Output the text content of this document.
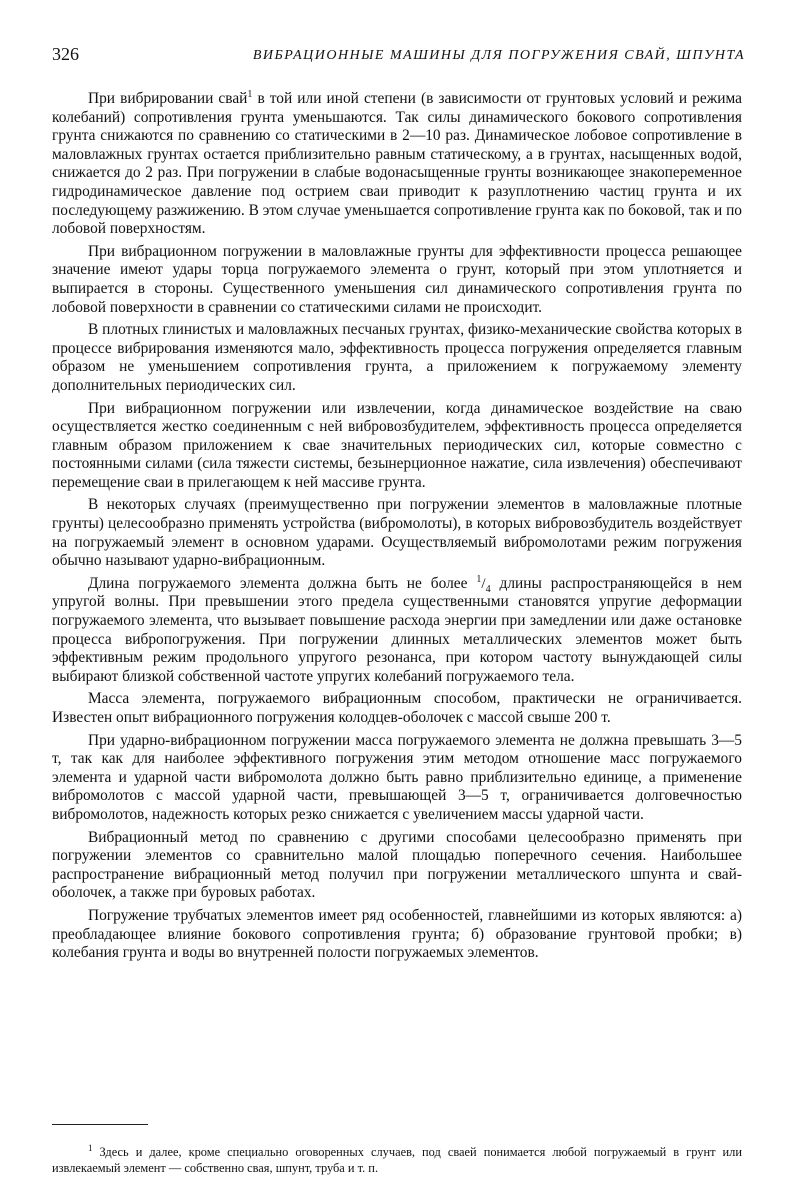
326	ВИБРАЦИОННЫЕ МАШИНЫ ДЛЯ ПОГРУЖЕНИЯ СВАЙ, ШПУНТА

При вибрировании свай$^1$ в той или иной степени (в зависимости от грунтовых условий и режима колебаний) сопротивления грунта уменьшаются. Так силы динамического бокового сопротивления грунта снижаются по сравнению со статическими в 2—10 раз. Динамическое лобовое сопротивление в маловлажных грунтах остается приблизительно равным статическому, а в грунтах, насыщенных водой, снижается до 2 раз. При погружении в слабые водонасыщенные грунты возникающее знакопеременное гидродинамическое давление под острием сваи приводит к разуплотнению частиц грунта и их последующему разжижению. В этом случае уменьшается сопротивление грунта как по боковой, так и по лобовой поверхностям.

При вибрационном погружении в маловлажные грунты для эффективности процесса решающее значение имеют удары торца погружаемого элемента о грунт, который при этом уплотняется и выпирается в стороны. Существенного уменьшения сил динамического сопротивления грунта по лобовой поверхности в сравнении со статическими силами не происходит.

В плотных глинистых и маловлажных песчаных грунтах, физико-механические свойства которых в процессе вибрирования изменяются мало, эффективность процесса погружения определяется главным образом не уменьшением сопротивления грунта, а приложением к погружаемому элементу дополнительных периодических сил.

При вибрационном погружении или извлечении, когда динамическое воздействие на сваю осуществляется жестко соединенным с ней вибровозбудителем, эффективность процесса определяется главным образом приложением к свае значительных периодических сил, которые совместно с постоянными силами (сила тяжести системы, безынерционное нажатие, сила извлечения) обеспечивают перемещение сваи в прилегающем к ней массиве грунта.

В некоторых случаях (преимущественно при погружении элементов в маловлажные плотные грунты) целесообразно применять устройства (вибромолоты), в которых вибровозбудитель воздействует на погружаемый элемент в основном ударами. Осуществляемый вибромолотами режим погружения обычно называют ударно-вибрационным.

Длина погружаемого элемента должна быть не более $^1/_4$ длины распространяющейся в нем упругой волны. При превышении этого предела существенными становятся упругие деформации погружаемого элемента, что вызывает повышение расхода энергии при замедлении или даже остановке процесса вибропогружения. При погружении длинных металлических элементов может быть эффективным режим продольного упругого резонанса, при котором частоту вынуждающей силы выбирают близкой собственной частоте упругих колебаний погружаемого тела.

Масса элемента, погружаемого вибрационным способом, практически не ограничивается. Известен опыт вибрационного погружения колодцев-оболочек с массой свыше 200 т.

При ударно-вибрационном погружении масса погружаемого элемента не должна превышать 3—5 т, так как для наиболее эффективного погружения этим методом отношение масс погружаемого элемента и ударной части вибромолота должно быть равно приблизительно единице, а применение вибромолотов с массой ударной части, превышающей 3—5 т, ограничивается долговечностью вибромолотов, надежность которых резко снижается с увеличением массы ударной части.

Вибрационный метод по сравнению с другими способами целесообразно применять при погружении элементов со сравнительно малой площадью поперечного сечения. Наибольшее распространение вибрационный метод получил при погружении металлического шпунта и свай-оболочек, а также при буровых работах.

Погружение трубчатых элементов имеет ряд особенностей, главнейшими из которых являются: а) преобладающее влияние бокового сопротивления грунта; б) образование грунтовой пробки; в) колебания грунта и воды во внутренней полости погружаемых элементов.

$^1$ Здесь и далее, кроме специально оговоренных случаев, под сваей понимается любой погружаемый в грунт или извлекаемый элемент — собственно свая, шпунт, труба и т. п.
